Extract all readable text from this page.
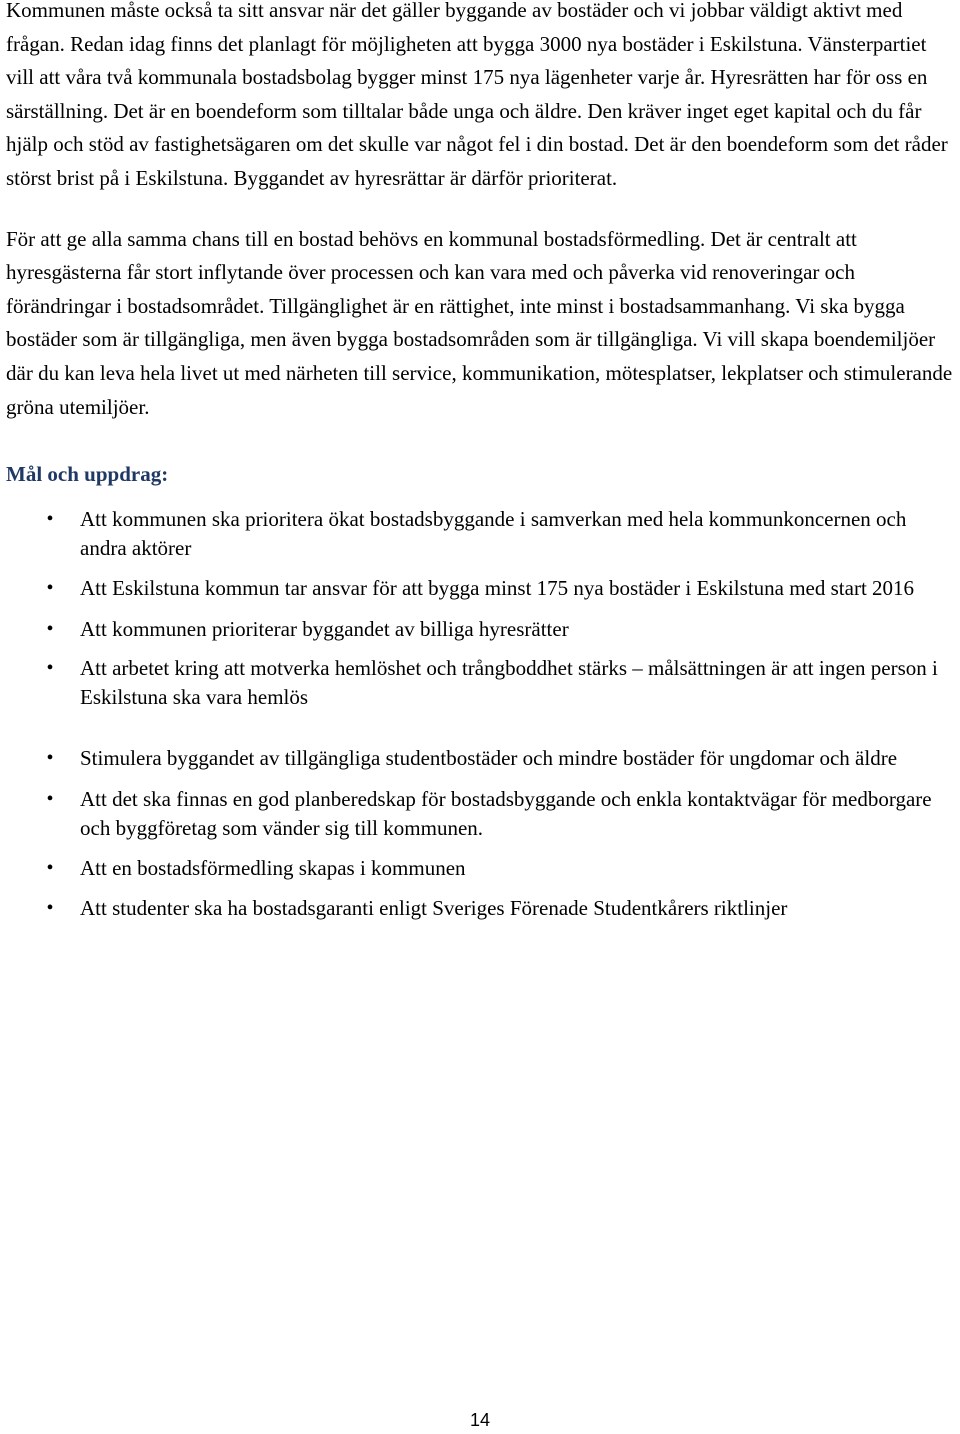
Kommunen måste också ta sitt ansvar när det gäller byggande av bostäder och vi jobbar väldigt aktivt med frågan. Redan idag finns det planlagt för möjligheten att bygga 3000 nya bostäder i Eskilstuna. Vänsterpartiet vill att våra två kommunala bostadsbolag bygger minst 175 nya lägenheter varje år. Hyresrätten har för oss en särställning. Det är en boendeform som tilltalar både unga och äldre. Den kräver inget eget kapital och du får hjälp och stöd av fastighetsägaren om det skulle var något fel i din bostad. Det är den boendeform som det råder störst brist på i Eskilstuna. Byggandet av hyresrättar är därför prioriterat.

För att ge alla samma chans till en bostad behövs en kommunal bostadsförmedling. Det är centralt att hyresgästerna får stort inflytande över processen och kan vara med och påverka vid renoveringar och förändringar i bostadsområdet. Tillgänglighet är en rättighet, inte minst i bostadsammanhang. Vi ska bygga bostäder som är tillgängliga, men även bygga bostadsområden som är tillgängliga. Vi vill skapa boendemiljöer där du kan leva hela livet ut med närheten till service, kommunikation, mötesplatser, lekplatser och stimulerande gröna utemiljöer.

Mål och uppdrag:

•	Att kommunen ska prioritera ökat bostadsbyggande i samverkan med hela kommunkoncernen och andra aktörer
•	Att Eskilstuna kommun tar ansvar för att bygga minst 175 nya bostäder i Eskilstuna med start 2016
•	Att kommunen prioriterar byggandet av billiga hyresrätter
•	Att arbetet kring att motverka hemlöshet och trångboddhet stärks – målsättningen är att ingen person i Eskilstuna ska vara hemlös
•	Stimulera byggandet av tillgängliga studentbostäder och mindre bostäder för ungdomar och äldre
•	Att det ska finnas en god planberedskap för bostadsbyggande och enkla kontaktvägar för medborgare och byggföretag som vänder sig till kommunen.
•	Att en bostadsförmedling skapas i kommunen
•	Att studenter ska ha bostadsgaranti enligt Sveriges Förenade Studentkårers riktlinjer
14
